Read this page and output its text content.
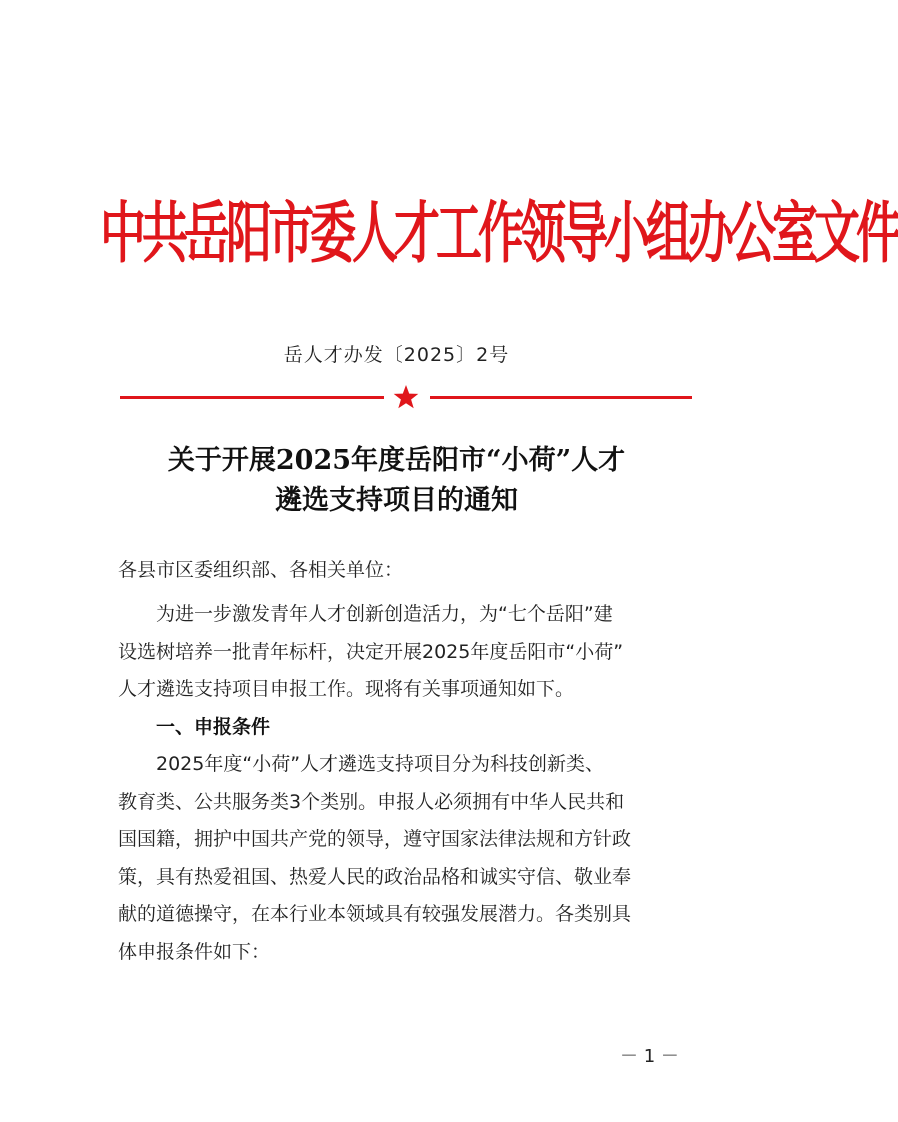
中共岳阳市委人才工作领导小组办公室文件
岳人才办发〔2025〕2号
关于开展2025年度岳阳市“小荷”人才
遴选支持项目的通知
各县市区委组织部、各相关单位：
为进一步激发青年人才创新创造活力，为“七个岳阳”建
设选树培养一批青年标杆，决定开展2025年度岳阳市“小荷”
人才遴选支持项目申报工作。现将有关事项通知如下。
一、申报条件
2025年度“小荷”人才遴选支持项目分为科技创新类、
教育类、公共服务类3个类别。申报人必须拥有中华人民共和
国国籍，拥护中国共产党的领导，遵守国家法律法规和方针政
策，具有热爱祖国、热爱人民的政治品格和诚实守信、敬业奉
献的道德操守，在本行业本领域具有较强发展潜力。各类别具
体申报条件如下：
－ 1 －
